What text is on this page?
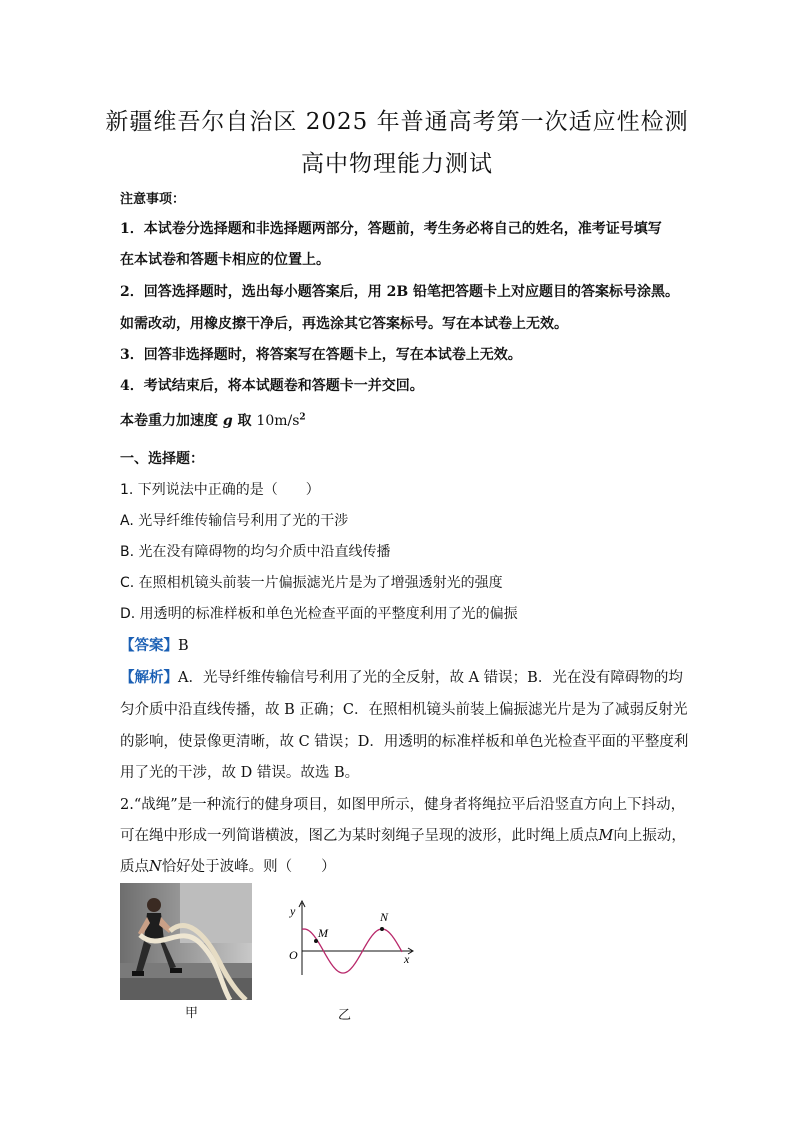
新疆维吾尔自治区 2025 年普通高考第一次适应性检测
高中物理能力测试
注意事项：
1．本试卷分选择题和非选择题两部分，答题前，考生务必将自己的姓名，准考证号填写
在本试卷和答题卡相应的位置上。
2．回答选择题时，选出每小题答案后，用 2B 铅笔把答题卡上对应题目的答案标号涂黑。
如需改动，用橡皮擦干净后，再选涂其它答案标号。写在本试卷上无效。
3．回答非选择题时，将答案写在答题卡上，写在本试卷上无效。
4．考试结束后，将本试题卷和答题卡一并交回。
本卷重力加速度 g 取 $10m/s^2$
一、选择题：
1. 下列说法中正确的是（　　）
A. 光导纤维传输信号利用了光的干涉
B. 光在没有障碍物的均匀介质中沿直线传播
C. 在照相机镜头前装一片偏振滤光片是为了增强透射光的强度
D. 用透明的标准样板和单色光检查平面的平整度利用了光的偏振
【答案】B
【解析】A．光导纤维传输信号利用了光的全反射，故 A 错误；B．光在没有障碍物的均
匀介质中沿直线传播，故 B 正确；C．在照相机镜头前装上偏振滤光片是为了减弱反射光
的影响，使景像更清晰，故 C 错误；D．用透明的标准样板和单色光检查平面的平整度利
用了光的干涉，故 D 错误。故选 B。
2.“战绳”是一种流行的健身项目，如图甲所示，健身者将绳拉平后沿竖直方向上下抖动，
可在绳中形成一列简谐横波，图乙为某时刻绳子呈现的波形，此时绳上质点M向上振动，
质点N恰好处于波峰。则（　　）
甲
y
O	x
M
N
乙
